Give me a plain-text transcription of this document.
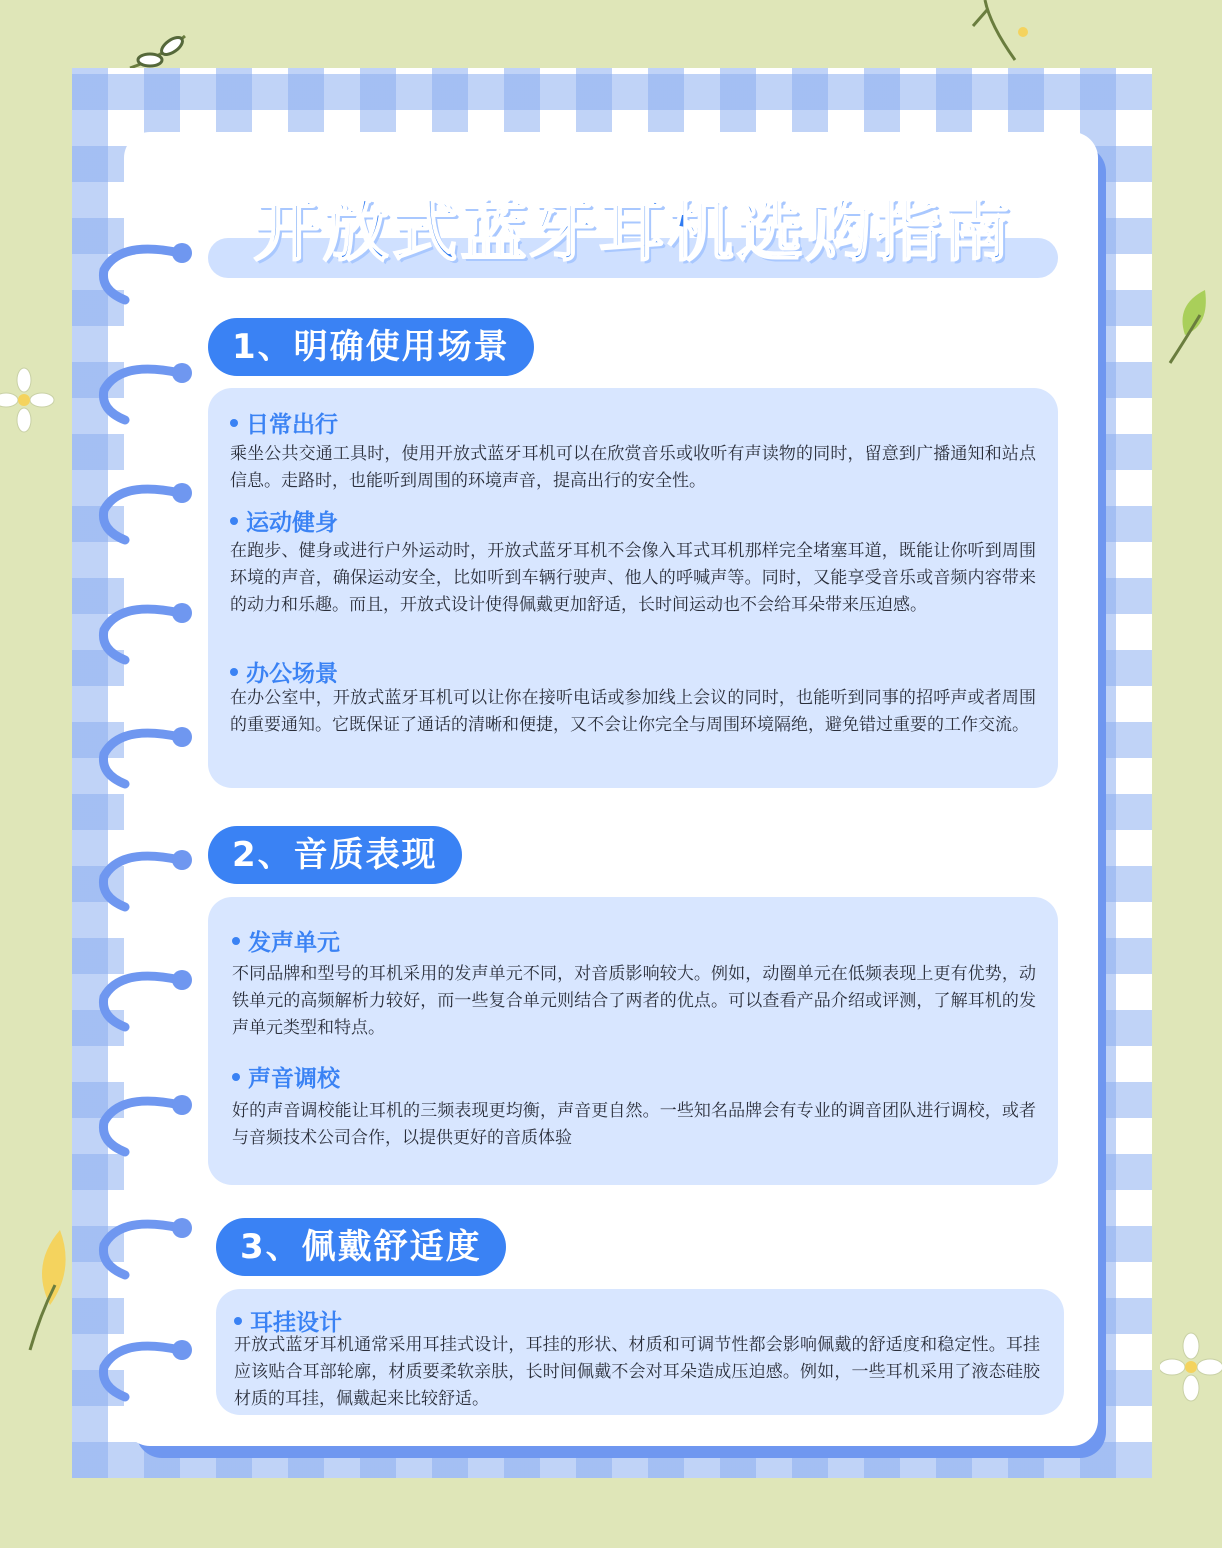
开放式蓝牙耳机选购指南
1、明确使用场景
日常出行
乘坐公共交通工具时，使用开放式蓝牙耳机可以在欣赏音乐或收听有声读物的同时，留意到广播通知和站点信息。走路时，也能听到周围的环境声音，提高出行的安全性。
运动健身
在跑步、健身或进行户外运动时，开放式蓝牙耳机不会像入耳式耳机那样完全堵塞耳道，既能让你听到周围环境的声音，确保运动安全，比如听到车辆行驶声、他人的呼喊声等。同时，又能享受音乐或音频内容带来的动力和乐趣。而且，开放式设计使得佩戴更加舒适，长时间运动也不会给耳朵带来压迫感。
办公场景
在办公室中，开放式蓝牙耳机可以让你在接听电话或参加线上会议的同时，也能听到同事的招呼声或者周围的重要通知。它既保证了通话的清晰和便捷，又不会让你完全与周围环境隔绝，避免错过重要的工作交流。
2、音质表现
发声单元
不同品牌和型号的耳机采用的发声单元不同，对音质影响较大。例如，动圈单元在低频表现上更有优势，动铁单元的高频解析力较好，而一些复合单元则结合了两者的优点。可以查看产品介绍或评测，了解耳机的发声单元类型和特点。
声音调校
好的声音调校能让耳机的三频表现更均衡，声音更自然。一些知名品牌会有专业的调音团队进行调校，或者与音频技术公司合作，以提供更好的音质体验
3、佩戴舒适度
耳挂设计
开放式蓝牙耳机通常采用耳挂式设计，耳挂的形状、材质和可调节性都会影响佩戴的舒适度和稳定性。耳挂应该贴合耳部轮廓，材质要柔软亲肤，长时间佩戴不会对耳朵造成压迫感。例如，一些耳机采用了液态硅胶材质的耳挂，佩戴起来比较舒适。
